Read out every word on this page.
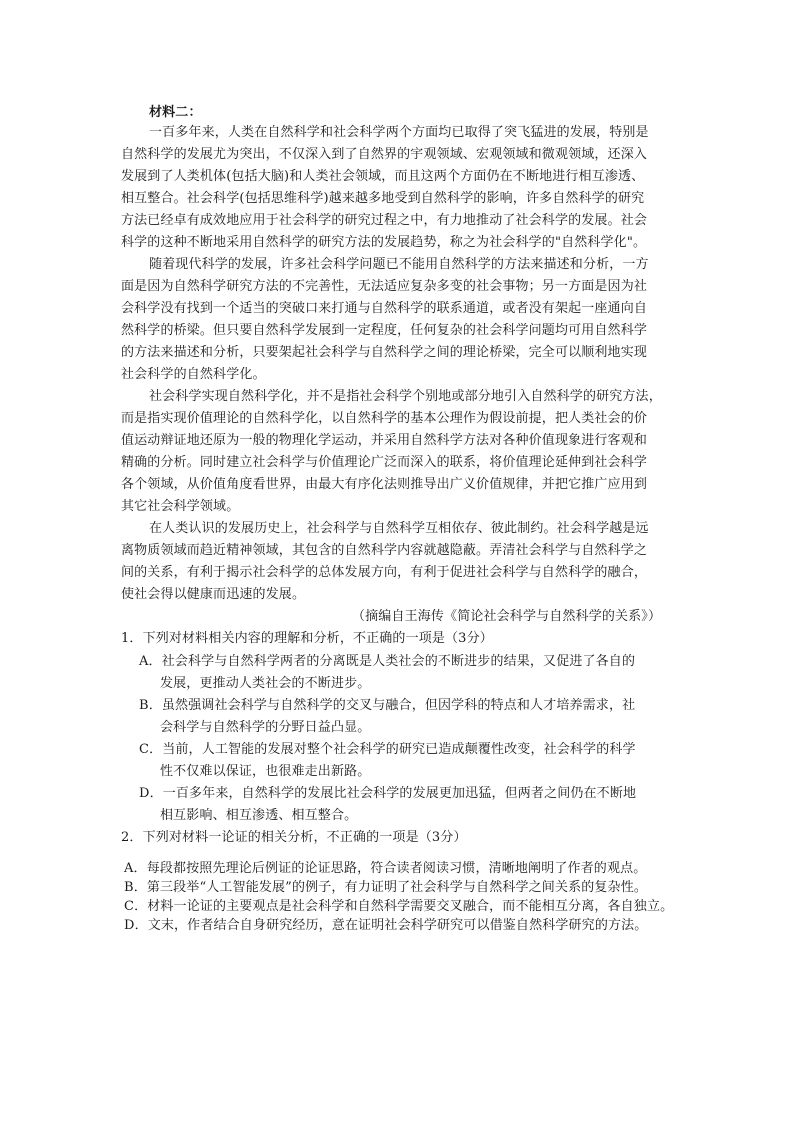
材料二：
一百多年来，人类在自然科学和社会科学两个方面均已取得了突飞猛进的发展，特别是
自然科学的发展尤为突出，不仅深入到了自然界的宇观领域、宏观领域和微观领域，还深入
发展到了人类机体(包括大脑)和人类社会领域，而且这两个方面仍在不断地进行相互渗透、
相互整合。社会科学(包括思维科学)越来越多地受到自然科学的影响，许多自然科学的研究
方法已经卓有成效地应用于社会科学的研究过程之中，有力地推动了社会科学的发展。社会
科学的这种不断地采用自然科学的研究方法的发展趋势，称之为社会科学的"自然科学化"。
随着现代科学的发展，许多社会科学问题已不能用自然科学的方法来描述和分析，一方
面是因为自然科学研究方法的不完善性，无法适应复杂多变的社会事物；另一方面是因为社
会科学没有找到一个适当的突破口来打通与自然科学的联系通道，或者没有架起一座通向自
然科学的桥梁。但只要自然科学发展到一定程度，任何复杂的社会科学问题均可用自然科学
的方法来描述和分析，只要架起社会科学与自然科学之间的理论桥梁，完全可以顺利地实现
社会科学的自然科学化。
社会科学实现自然科学化，并不是指社会科学个别地或部分地引入自然科学的研究方法，
而是指实现价值理论的自然科学化，以自然科学的基本公理作为假设前提，把人类社会的价
值运动辩证地还原为一般的物理化学运动，并采用自然科学方法对各种价值现象进行客观和
精确的分析。同时建立社会科学与价值理论广泛而深入的联系，将价值理论延伸到社会科学
各个领域，从价值角度看世界，由最大有序化法则推导出广义价值规律，并把它推广应用到
其它社会科学领域。
在人类认识的发展历史上，社会科学与自然科学互相依存、彼此制约。社会科学越是远
离物质领域而趋近精神领域，其包含的自然科学内容就越隐蔽。弄清社会科学与自然科学之
间的关系，有利于揭示社会科学的总体发展方向，有利于促进社会科学与自然科学的融合，
使社会得以健康而迅速的发展。
（摘编自王海传《简论社会科学与自然科学的关系》）
1．下列对材料相关内容的理解和分析，不正确的一项是（3分）
A．社会科学与自然科学两者的分离既是人类社会的不断进步的结果，又促进了各自的
发展，更推动人类社会的不断进步。
B．虽然强调社会科学与自然科学的交叉与融合，但因学科的特点和人才培养需求，社
会科学与自然科学的分野日益凸显。
C．当前，人工智能的发展对整个社会科学的研究已造成颠覆性改变，社会科学的科学
性不仅难以保证，也很难走出新路。
D．一百多年来，自然科学的发展比社会科学的发展更加迅猛，但两者之间仍在不断地
相互影响、相互渗透、相互整合。
2．下列对材料一论证的相关分析，不正确的一项是（3分）
A．每段都按照先理论后例证的论证思路，符合读者阅读习惯，清晰地阐明了作者的观点。
B．第三段举“人工智能发展”的例子，有力证明了社会科学与自然科学之间关系的复杂性。
C．材料一论证的主要观点是社会科学和自然科学需要交叉融合，而不能相互分离，各自独立。
D．文末，作者结合自身研究经历，意在证明社会科学研究可以借鉴自然科学研究的方法。
